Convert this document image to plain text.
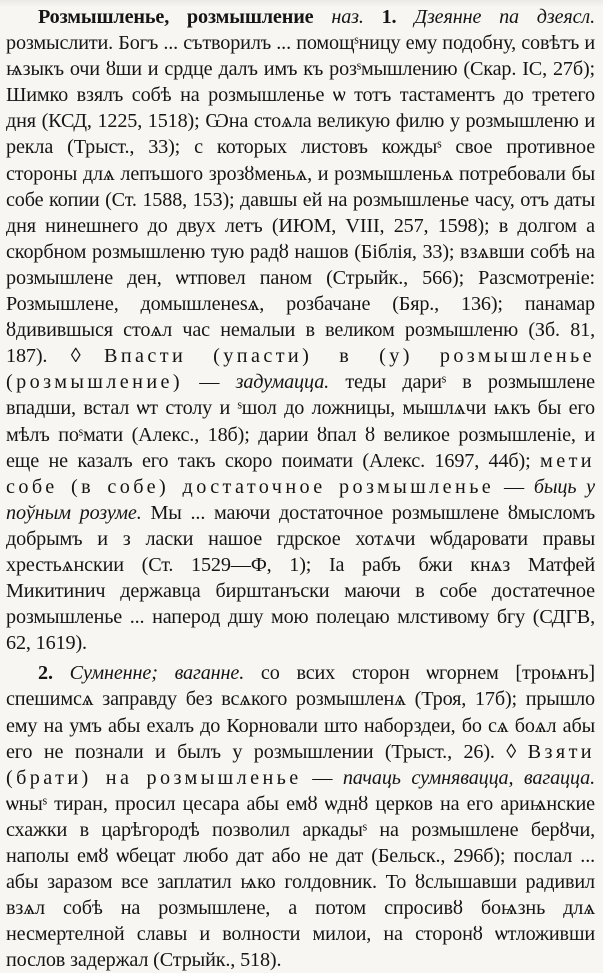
Розмышленье, розмышление наз. 1. Дзеянне па дзеясл. розмыслити. Богъ ... сътворилъ ... помощˢницу ему подобну, совѣтъ и ѩзыкъ очи ȣши и срдце далъ имъ къ розˢмышлению (Скар. IC, 27б); Шимко взялъ собѣ на розмышленье ѡ тотъ тастаментъ до третего дня (КСД, 1225, 1518); Ѡна стоѧла великую филю у розмышленю и рекла (Трыст., 33); с которых листовъ кождыˢ свое противное стороны длѧ лепъшого зрозȣменьѧ, и розмышленьѧ потребовали бы собе копии (Ст. 1588, 153); давшы ей на розмышленье часу, отъ даты дня нинешнего до двух летъ (ИЮМ, VIII, 257, 1598); в долгом а скорбном розмышленю тую радȣ нашов (Біблія, 33); взѧвши собѣ на розмышлене ден, ѡтповел паном (Стрыйк., 566); Разсмотреніе: Розмышлене, домышленеѕѧ, розбачане (Бяр., 136); панамар ȣдивившыся стоѧл час немалыи в великом розмышленю (Зб. 81, 187). ◊ Впасти (упасти) в (у) розмышленье (розмышление) — задумацца. теды дариˢ в розмышлене впадши, встал ѡт столу и ˢшол до ложницы, мышлѧчи ѩкъ бы его мѣлъ поˢмати (Алекс., 18б); дарии ȣпал ȣ великое розмышленіе, и еще не казалъ его такъ скоро поимати (Алекс. 1697, 44б); мети собе (в собе) достаточное розмышленье — быць у поўным розуме. Мы ... маючи достаточное розмышлене ȣмысломъ добрымъ и з ласки нашое гдрское хотѧчи ѡбдаровати правы хрестьѧнскии (Ст. 1529—Ф, 1); Іа рабъ бжи кнѧз Матфей Микитинич державца бирштанъски маючи в собе достатечное розмышленье ... наперод дшу мою полецаю млстивому бгу (СДГВ, 62, 1619).

2. Сумненне; ваганне. со всих сторон ѡгорнем [троѩнъ] спешимсѧ заправду без всѧкого розмышленѧ (Троя, 17б); прышло ему на умъ абы ехалъ до Корновали што наборздеи, бо сѧ боѧл абы его не познали и былъ у розмышлении (Трыст., 26). ◊ Взяти (брати) на розмышленье — пачаць сумняваццa, вагацца. ѡныˢ тиран, просил цесара абы емȣ ѡднȣ церков на его ариѩнские схажки в царѣгородѣ позволил аркадыˢ на розмышлене берȣчи, наполы емȣ ѡбецат любо дат або не дат (Бельск., 296б); послал ... абы заразом все заплатил ѩко голдовник. То ȣслышавши радивил взѧл собѣ на розмышлене, а потом спросивȣ боѩзнь длѧ несмертелной славы и волности милои, на сторонȣ ѡтложивши послов задержал (Стрыйк., 518).
